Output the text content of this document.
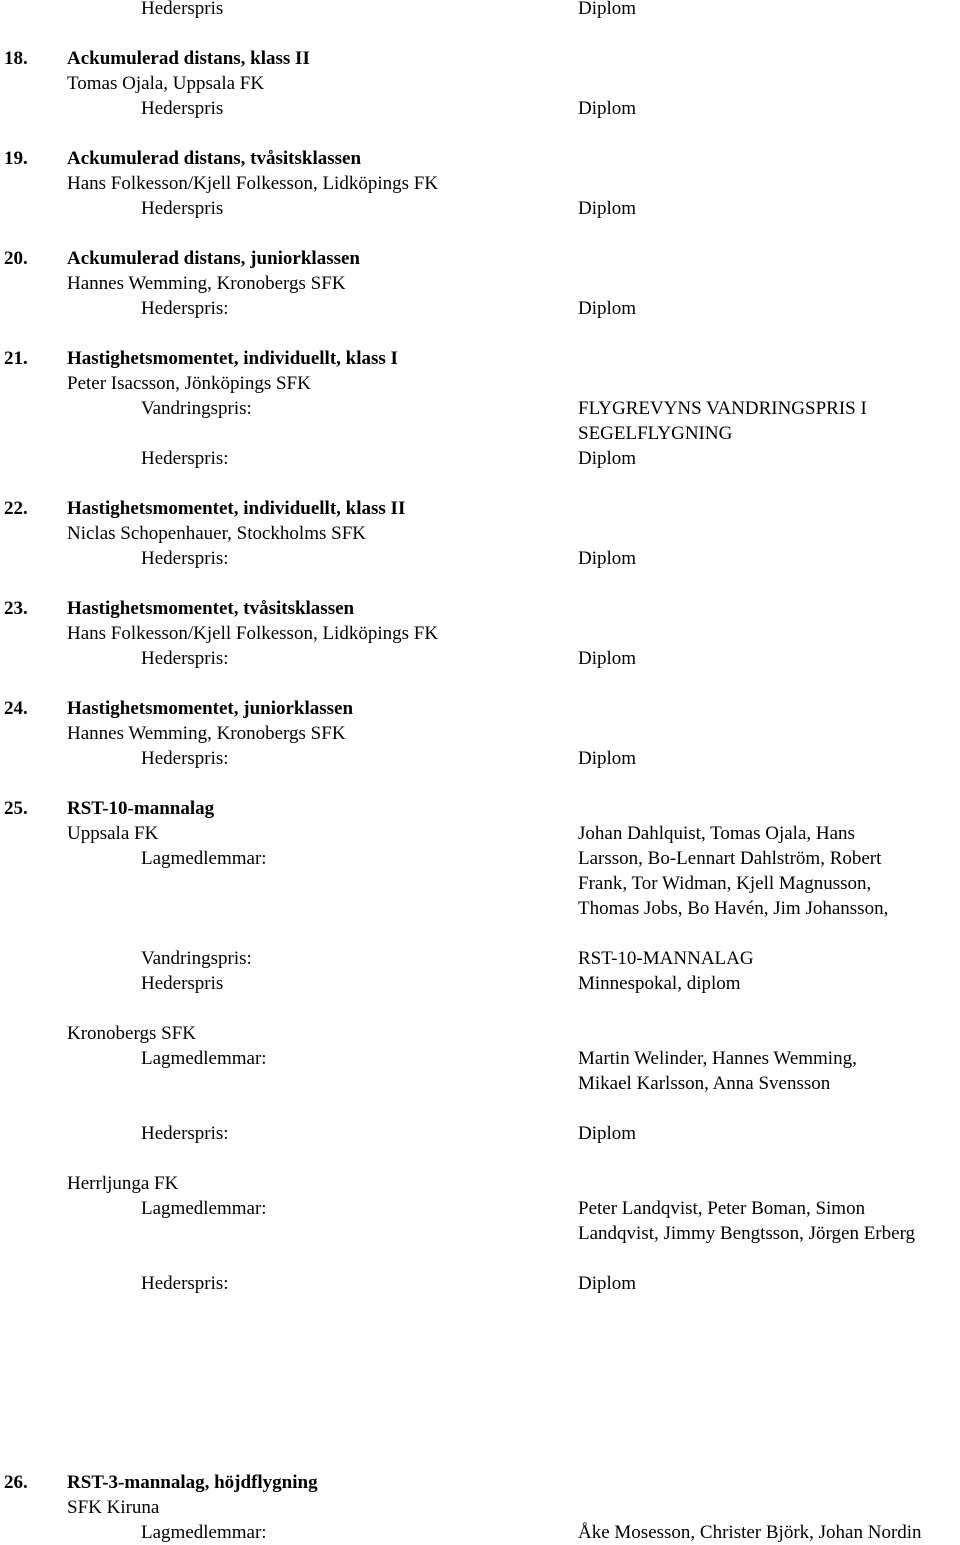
Hederspris	Diplom
18. Ackumulerad distans, klass II
Tomas Ojala, Uppsala FK
Hederspris	Diplom
19. Ackumulerad distans, tvåsitsklassen
Hans Folkesson/Kjell Folkesson, Lidköpings FK
Hederspris	Diplom
20. Ackumulerad distans, juniorklassen
Hannes Wemming, Kronobergs SFK
Hederspris:	Diplom
21. Hastighetsmomentet, individuellt, klass I
Peter Isacsson, Jönköpings SFK
Vandringspris:	FLYGREVYNS VANDRINGSPRIS I
SEGELFLYGNING
Hederspris:	Diplom
22. Hastighetsmomentet, individuellt, klass II
Niclas Schopenhauer, Stockholms SFK
Hederspris:	Diplom
23. Hastighetsmomentet, tvåsitsklassen
Hans Folkesson/Kjell Folkesson, Lidköpings FK
Hederspris:	Diplom
24. Hastighetsmomentet, juniorklassen
Hannes Wemming, Kronobergs SFK
Hederspris:	Diplom
25. RST-10-mannalag
Uppsala FK
Lagmedlemmar:
Johan Dahlquist, Tomas Ojala, Hans
Larsson, Bo-Lennart Dahlström, Robert
Frank, Tor Widman, Kjell Magnusson,
Thomas Jobs, Bo Havén, Jim Johansson,
Vandringspris:	RST-10-MANNALAG
Hederspris	Minnespokal, diplom
Kronobergs SFK
Lagmedlemmar:	Martin Welinder, Hannes Wemming,
Mikael Karlsson, Anna Svensson
Hederspris:	Diplom
Herrljunga FK
Lagmedlemmar:	Peter Landqvist, Peter Boman, Simon
Landqvist, Jimmy Bengtsson, Jörgen Erberg
Hederspris:	Diplom
26. RST-3-mannalag, höjdflygning
SFK Kiruna
Lagmedlemmar:	Åke Mosesson, Christer Björk, Johan Nordin
